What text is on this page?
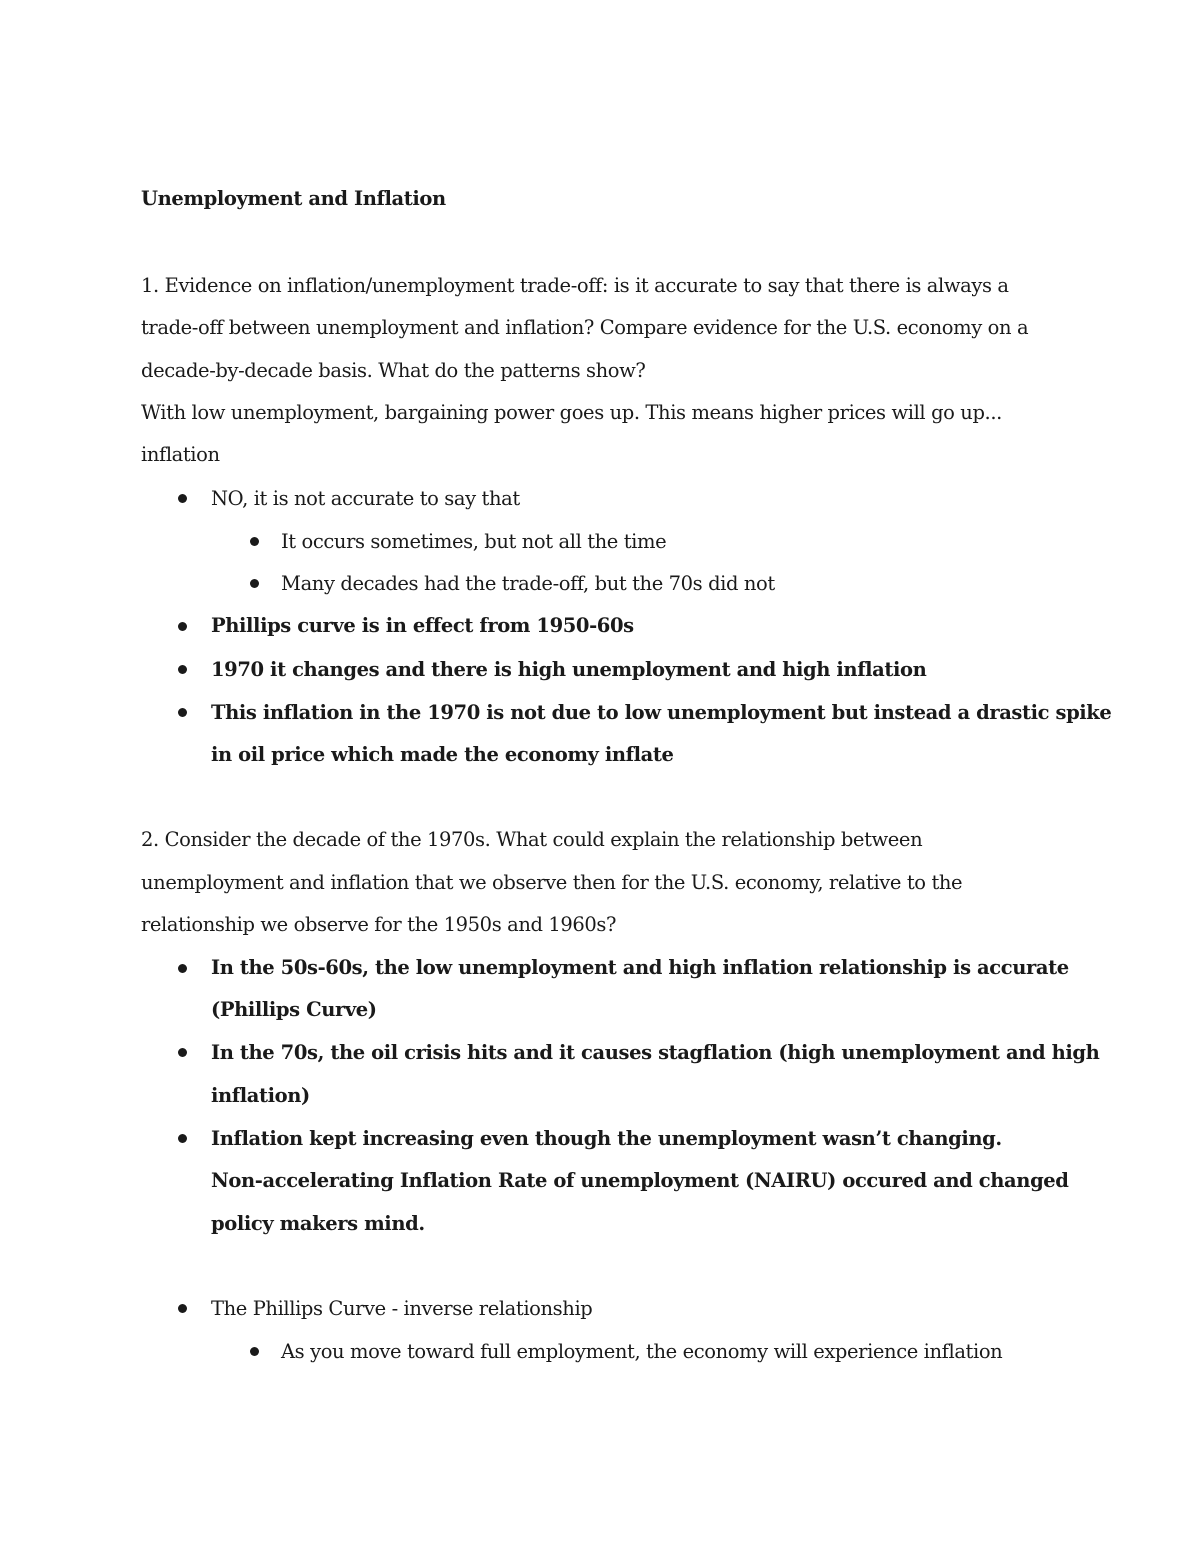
Unemployment and Inflation
1. Evidence on inflation/unemployment trade-off: is it accurate to say that there is always a
trade-off between unemployment and inflation? Compare evidence for the U.S. economy on a
decade-by-decade basis. What do the patterns show?
With low unemployment, bargaining power goes up. This means higher prices will go up...
inflation
NO, it is not accurate to say that
It occurs sometimes, but not all the time
Many decades had the trade-off, but the 70s did not
Phillips curve is in effect from 1950-60s
1970 it changes and there is high unemployment and high inflation
This inflation in the 1970 is not due to low unemployment but instead a drastic spike
in oil price which made the economy inflate
2. Consider the decade of the 1970s. What could explain the relationship between
unemployment and inflation that we observe then for the U.S. economy, relative to the
relationship we observe for the 1950s and 1960s?
In the 50s-60s, the low unemployment and high inflation relationship is accurate
(Phillips Curve)
In the 70s, the oil crisis hits and it causes stagflation (high unemployment and high
inflation)
Inflation kept increasing even though the unemployment wasn’t changing.
Non-accelerating Inflation Rate of unemployment (NAIRU) occured and changed
policy makers mind.
The Phillips Curve - inverse relationship
As you move toward full employment, the economy will experience inflation
